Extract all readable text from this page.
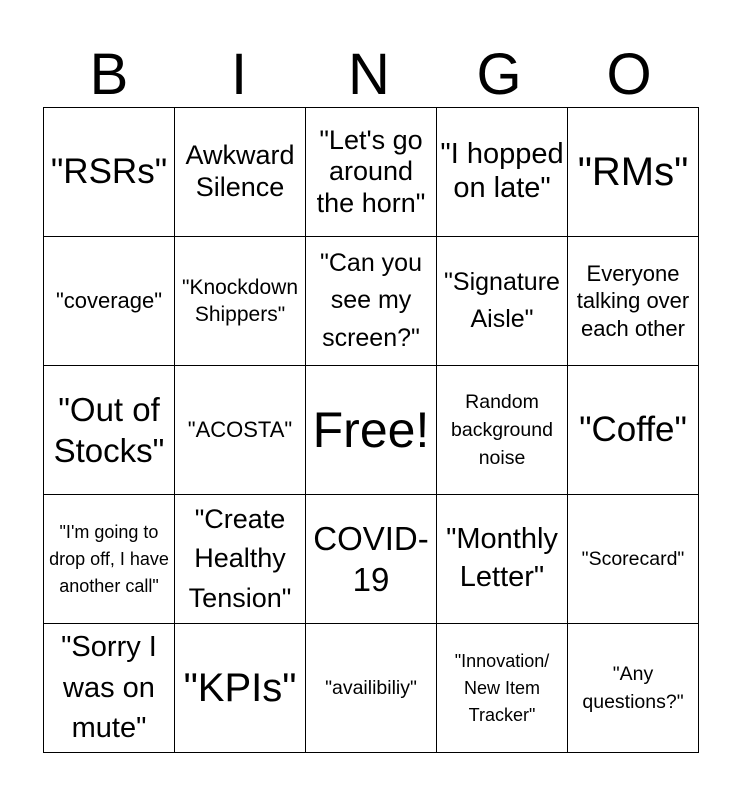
B	I	N	G	O
"RSRs"	Awkward Silence	"Let's go around the horn"	"I hopped on late"	"RMs"
"coverage"	"Knockdown Shippers"	"Can you see my screen?"	"Signature Aisle"	Everyone talking over each other
"Out of Stocks"	"ACOSTA"	Free!	Random background noise	"Coffe"
"I'm going to drop off, I have another call"	"Create Healthy Tension"	COVID-19	"Monthly Letter"	"Scorecard"
"Sorry I was on mute"	"KPIs"	"availibiliy"	"Innovation/ New Item Tracker"	"Any questions?"
